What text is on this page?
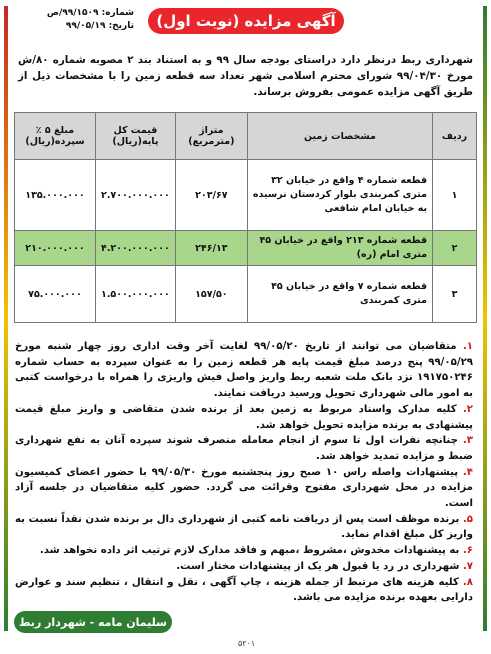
شماره: ۹۹/۱۵۰۹/ص
تاریخ: ۹۹/۰۵/۱۹ آگهی مزایده (نوبت اول)

شهرداری ربط درنظر دارد دراستای بودجه سال ۹۹ و به استناد بند ۲ مصوبه شماره ۸۰/ش مورخ ۹۹/۰۴/۳۰ شورای محترم اسلامی شهر تعداد سه قطعه زمین را با مشخصات ذیل از طریق آگهی مزایده عمومی بفروش برساند.

ردیف	مشخصات زمین	متراژ (مترمربع)	قیمت کل پایه(ریال)	مبلغ ۵ ٪ سپرده(ریال)
۱	قطعه شماره ۴ واقع در خیابان ۳۲ متری کمربندی بلوار کردستان نرسیده به خیابان امام شافعی	۲۰۳/۶۷	۲.۷۰۰.۰۰۰.۰۰۰	۱۳۵.۰۰۰.۰۰۰
۲	قطعه شماره ۲۱۳ واقع در خیابان ۴۵ متری امام (ره)	۲۴۶/۱۳	۴.۲۰۰.۰۰۰.۰۰۰	۲۱۰.۰۰۰.۰۰۰
۳	قطعه شماره ۷ واقع در خیابان ۴۵ متری کمربندی	۱۵۷/۵۰	۱.۵۰۰.۰۰۰.۰۰۰	۷۵.۰۰۰.۰۰۰

۱. متقاضیان می توانند از تاریخ ۹۹/۰۵/۲۰ لغایت آخر وقت اداری روز چهار شنبه مورخ ۹۹/۰۵/۲۹ پنج درصد مبلغ قیمت پایه هر قطعه زمین را به عنوان سپرده به حساب شماره ۱۹۱۷۵۰۲۴۶ نزد بانک ملت شعبه ربط واریز واصل فیش واریزی را همراه با درخواست کتبی به امور مالی شهرداری تحویل ورسید دریافت نمایند.

۲. کلیه مدارک واسناد مربوط به زمین بعد از برنده شدن متقاضی و واریز مبلغ قیمت پیشنهادی به برنده مزایده تحویل خواهد شد.

۳. چنانچه نفرات اول تا سوم از انجام معامله منصرف شوند سپرده آنان به نفع شهرداری ضبط و مزایده تمدید خواهد شد.

۴. پیشنهادات واصله راس ۱۰ صبح روز پنجشنبه مورخ ۹۹/۰۵/۳۰ با حضور اعضای کمیسیون مزایده در محل شهرداری مفتوح وقرائت می گردد. حضور کلیه متقاضیان در جلسه آزاد است.

۵. برنده موظف است پس از دریافت نامه کتبی از شهرداری دال بر برنده شدن نقداً نسبت به واریز کل مبلغ اقدام نماید.

۶. به پیشنهادات مخدوش ،مشروط ،مبهم و فاقد مدارک لازم ترتیب اثر داده نخواهد شد.

۷. شهرداری در رد یا قبول هر یک از پیشنهادات مختار است.

۸. کلیه هزینه های مرتبط از جمله هزینه ، چاپ آگهی ، نقل و انتقال ، تنظیم سند و عوارض دارایی بعهده برنده مزایده می باشد.

سلیمان مامه - شهردار ربط
۵۲۰۱
